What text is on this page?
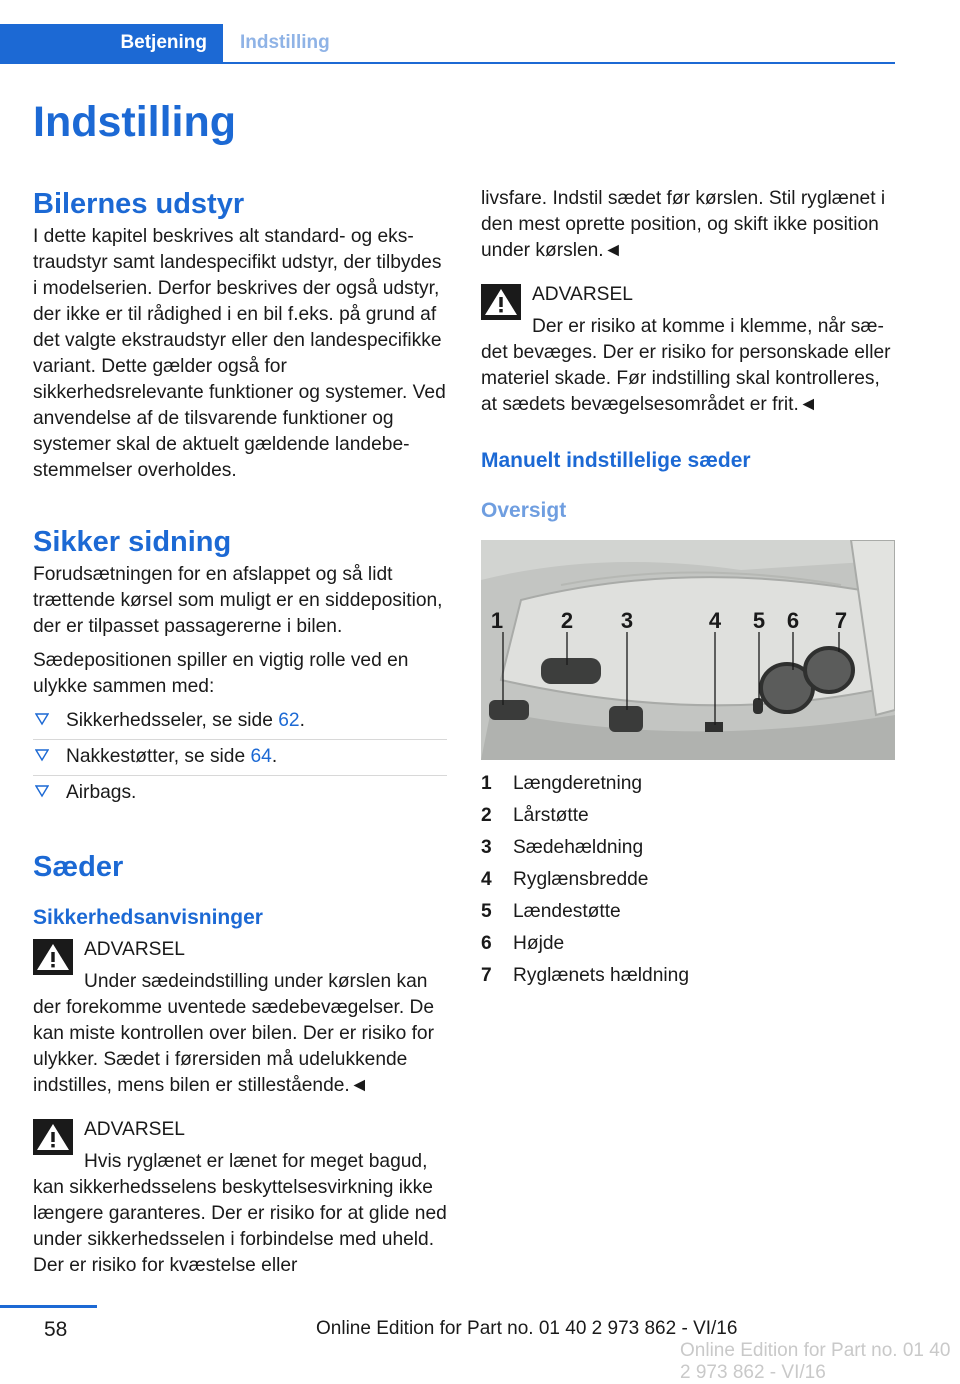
Betjening	Indstilling
Indstilling
Bilernes udstyr

I dette kapitel beskrives alt standard- og ekstraudstyr samt landespecifikt udstyr, der tilbydes i modelserien. Derfor beskrives der også udstyr, der ikke er til rådighed i en bil f.eks. på grund af det valgte ekstraudstyr eller den landespecifikke variant. Dette gælder også for sikkerhedsrelevante funktioner og systemer. Ved anvendelse af de tilsvarende funktioner og systemer skal de aktuelt gældende landebestemmelser overholdes.

Sikker sidning

Forudsætningen for en afslappet og så lidt trættende kørsel som muligt er en siddeposition, der er tilpasset passagererne i bilen.

Sædepositionen spiller en vigtig rolle ved en ulykke sammen med:

Sikkerhedsseler, se side 62.
Nakkestøtter, se side 64.
Airbags.
Sæder
Sikkerhedsanvisninger

ADVARSEL

Under sædeindstilling under kørslen kan

der forekomme uventede sædebevægelser. De kan miste kontrollen over bilen. Der er risiko for ulykker. Sædet i førersiden må udelukkende indstilles, mens bilen er stillestående.◄

ADVARSEL

Hvis ryglænet er lænet for meget bagud,

kan sikkerhedsselens beskyttelsesvirkning ikke længere garanteres. Der er risiko for at glide ned under sikkerhedsselen i forbindelse med uheld. Der er risiko for kvæstelse eller

livsfare. Indstil sædet før kørslen. Stil ryglænet i den mest oprette position, og skift ikke position under kørslen.◄

ADVARSEL

Der er risiko at komme i klemme, når sæ-

det bevæges. Der er risiko for personskade eller materiel skade. Før indstilling skal kontrolleres, at sædets bevægelsesområdet er frit.◄

Manuelt indstillelige sæder
Oversigt
1	2 3	4 5 6 7
1	Længderetning
2	Lårstøtte
3	Sædehældning
4	Ryglænsbredde
5	Lændestøtte
6	Højde
7	Ryglænets hældning
58	Online Edition for Part no. 01 40 2 973 862 - VI/16
Online Edition for Part no. 01 40 2 973 862 - VI/16
